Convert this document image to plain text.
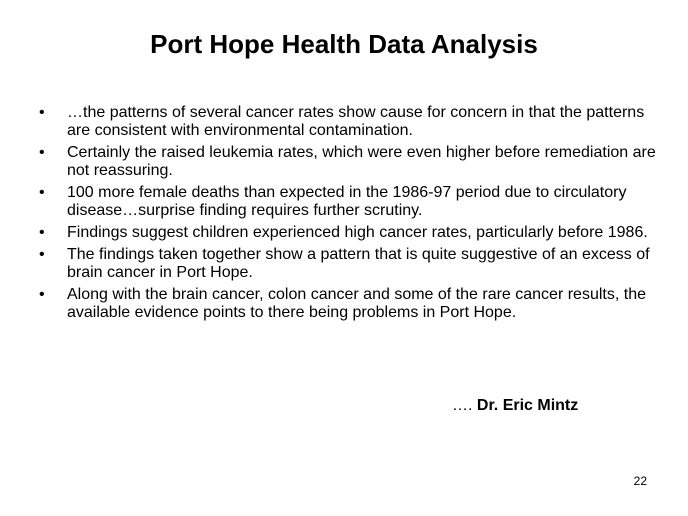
Port Hope Health Data Analysis
•	…the patterns of several cancer rates show cause for concern in that the patterns are consistent with environmental contamination.
•	Certainly the raised leukemia rates, which were even higher before remediation are not reassuring.
•	100 more female deaths than expected in the 1986-97 period due to circulatory disease…surprise finding requires further scrutiny.
•	Findings suggest children experienced high cancer rates, particularly before 1986.
•	The findings taken together show a pattern that is quite suggestive of an excess of brain cancer in Port Hope.
•	Along with the brain cancer, colon cancer and some of the rare cancer results, the available evidence points to there being problems in Port Hope.
…. Dr. Eric Mintz
22
